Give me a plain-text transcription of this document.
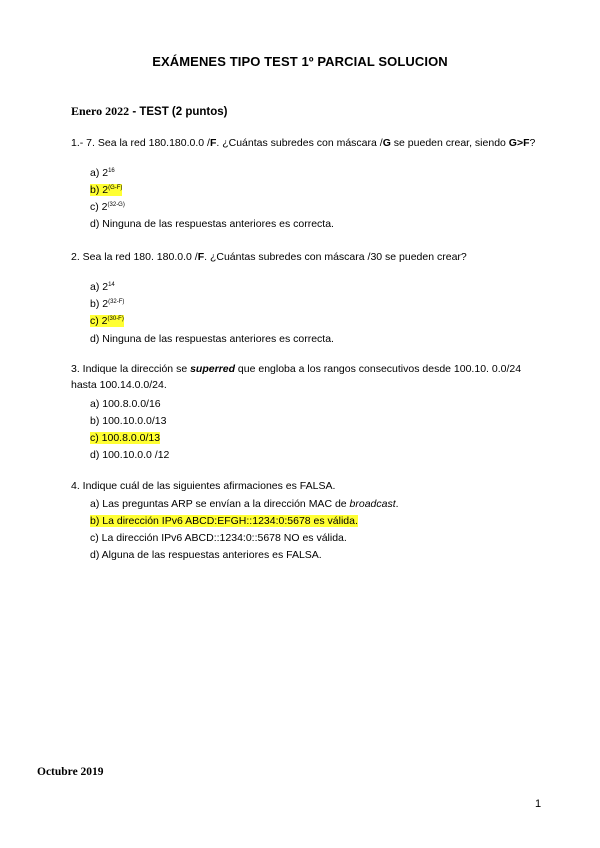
EXÁMENES TIPO TEST 1º PARCIAL SOLUCION
Enero 2022 - TEST (2 puntos)
1.- 7. Sea la red 180.180.0.0 /F. ¿Cuántas subredes con máscara /G se pueden crear, siendo G>F?
a) $2^{16}$
b) $2^{(G-F)}$
c) $2^{(32-G)}$
d) Ninguna de las respuestas anteriores es correcta.
2. Sea la red 180. 180.0.0 /F. ¿Cuántas subredes con máscara /30 se pueden crear?
a) $2^{14}$
b) $2^{(32-F)}$
c) $2^{(30-F)}$
d) Ninguna de las respuestas anteriores es correcta.
3. Indique la dirección se superred que engloba a los rangos consecutivos desde 100.10. 0.0/24
hasta 100.14.0.0/24.
a) 100.8.0.0/16
b) 100.10.0.0/13
c) 100.8.0.0/13
d) 100.10.0.0 /12
4. Indique cuál de las siguientes afirmaciones es FALSA.
a) Las preguntas ARP se envían a la dirección MAC de broadcast.
b) La dirección IPv6 ABCD:EFGH::1234:0:5678 es válida.
c) La dirección IPv6 ABCD::1234:0::5678 NO es válida.
d) Alguna de las respuestas anteriores es FALSA.
Octubre 2019
1
